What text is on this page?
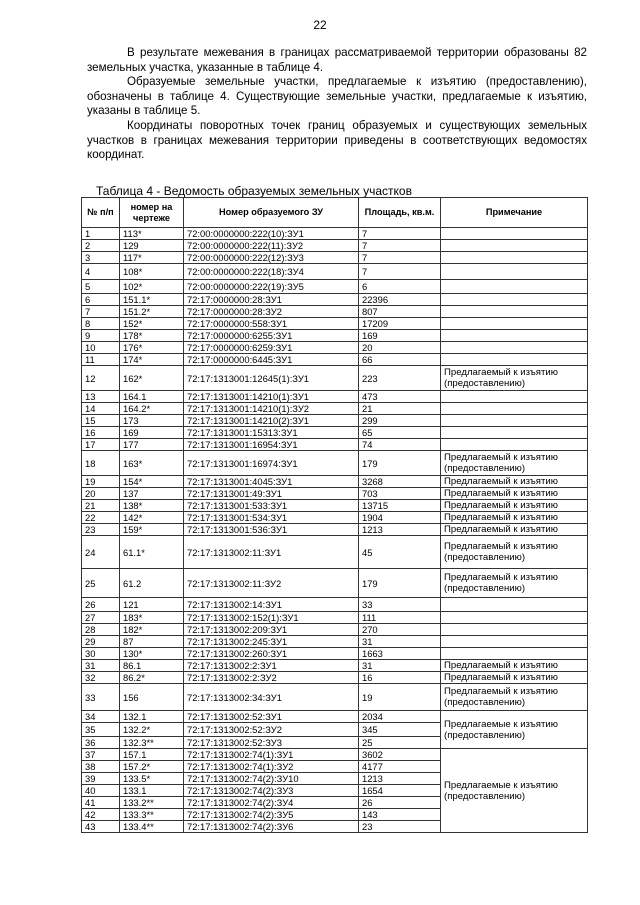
22

В результате межевания в границах рассматриваемой территории образованы 82 земельных участка, указанные в таблице 4.

Образуемые земельные участки, предлагаемые к изъятию (предоставлению), обозначены в таблице 4. Существующие земельные участки, предлагаемые к изъятию, указаны в таблице 5.

Координаты поворотных точек границ образуемых и существующих земельных участков в границах межевания территории приведены в соответствующих ведомостях координат.

Таблица 4 - Ведомость образуемых земельных участков
№ п/п	номер на чертеже	Номер образуемого ЗУ	Площадь, кв.м.	Примечание
1	113*	72:00:0000000:222(10):ЗУ1	7	
2	129	72:00:0000000:222(11):ЗУ2	7	
3	117*	72:00:0000000:222(12):ЗУ3	7	
4	108*	72:00:0000000:222(18):ЗУ4	7	
5	102*	72:00:0000000:222(19):ЗУ5	6	
6	151.1*	72:17:0000000:28:ЗУ1	22396	
7	151.2*	72:17:0000000:28:ЗУ2	807	
8	152*	72:17:0000000:558:ЗУ1	17209	
9	178*	72:17:0000000:6255:ЗУ1	169	
10	176*	72:17:0000000:6259:ЗУ1	20	
11	174*	72:17:0000000:6445:ЗУ1	66	
12	162*	72:17:1313001:12645(1):ЗУ1	223	Предлагаемый к изъятию (предоставлению)
13	164.1	72:17:1313001:14210(1):ЗУ1	473	
14	164.2*	72:17:1313001:14210(1):ЗУ2	21	
15	173	72:17:1313001:14210(2):ЗУ1	299	
16	169	72:17:1313001:15313:ЗУ1	65	
17	177	72:17:1313001:16954:ЗУ1	74	
18	163*	72:17:1313001:16974:ЗУ1	179	Предлагаемый к изъятию (предоставлению)
19	154*	72:17:1313001:4045:ЗУ1	3268	Предлагаемый к изъятию
20	137	72:17:1313001:49:ЗУ1	703	Предлагаемый к изъятию
21	138*	72:17:1313001:533:ЗУ1	13715	Предлагаемый к изъятию
22	142*	72:17:1313001:534:ЗУ1	1904	Предлагаемый к изъятию
23	159*	72:17:1313001:536:ЗУ1	1213	Предлагаемый к изъятию
24	61.1*	72:17:1313002:11:ЗУ1	45	Предлагаемый к изъятию (предоставлению)
25	61.2	72:17:1313002:11:ЗУ2	179	Предлагаемый к изъятию (предоставлению)
26	121	72:17:1313002:14:ЗУ1	33	
27	183*	72:17:1313002:152(1):ЗУ1	111	
28	182*	72:17:1313002:209:ЗУ1	270	
29	87	72:17:1313002:245:ЗУ1	31	
30	130*	72:17:1313002:260:ЗУ1	1663	
31	86.1	72:17:1313002:2:ЗУ1	31	Предлагаемый к изъятию
32	86.2*	72:17:1313002:2:ЗУ2	16	Предлагаемый к изъятию
33	156	72:17:1313002:34:ЗУ1	19	Предлагаемый к изъятию (предоставлению)
34	132.1	72:17:1313002:52:ЗУ1	2034	Предлагаемые к изъятию (предоставлению)
35	132.2*	72:17:1313002:52:ЗУ2	345	
36	132.3**	72:17:1313002:52:ЗУ3	25	
37	157.1	72:17:1313002:74(1):ЗУ1	3602	Предлагаемые к изъятию (предоставлению)
38	157.2*	72:17:1313002:74(1):ЗУ2	4177	
39	133.5*	72:17:1313002:74(2):ЗУ10	1213	
40	133.1	72:17:1313002:74(2):ЗУ3	1654	
41	133.2**	72:17:1313002:74(2):ЗУ4	26	
42	133.3**	72:17:1313002:74(2):ЗУ5	143	
43	133.4**	72:17:1313002:74(2):ЗУ6	23	
